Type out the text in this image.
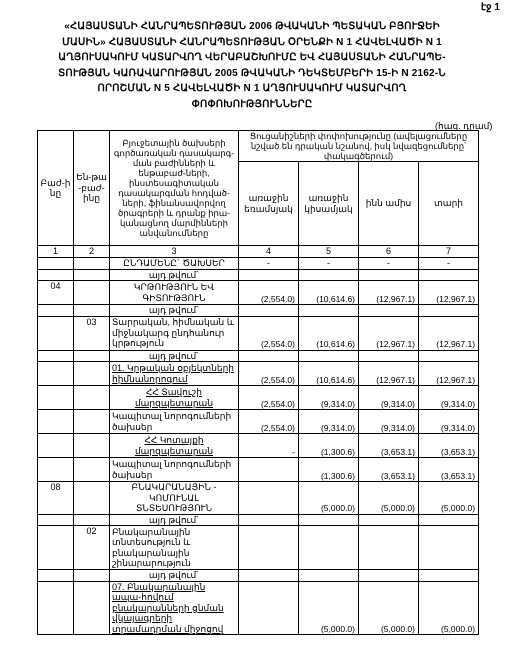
էջ 1
«ՀԱՅԱՍՏԱՆԻ ՀԱՆՐԱՊԵՏՈՒԹՅԱՆ 2006 ԹՎԱԿԱՆԻ ՊԵՏԱԿԱՆ ԲՅՈՒՋԵԻ
ՄԱՍԻՆ» ՀԱՅԱՍՏԱՆԻ ՀԱՆՐԱՊԵՏՈՒԹՅԱՆ ՕՐԵՆՔԻ N 1 ՀԱՎԵԼՎԱԾԻ N 1
ԱՂՅՈՒՍԱԿՈՒՄ ԿԱՏԱՐՎՈՂ ՎԵՐԱԲԱՇԽՈՒՄԸ ԵՎ ՀԱՅԱՍՏԱՆԻ ՀԱՆՐԱՊԵ-
ՏՈՒԹՅԱՆ ԿԱՌԱՎԱՐՈՒԹՅԱՆ 2005 ԹՎԱԿԱՆԻ ԴԵԿՏԵՄԲԵՐԻ 15-Ի N 2162-Ն
ՈՐՈՇՄԱՆ N 5 ՀԱՎԵԼՎԱԾԻ N 1 ԱՂՅՈՒՍԱԿՈՒՄ ԿԱՏԱՐՎՈՂ
ՓՈՓՈԽՈՒԹՅՈՒՆՆԵՐԸ
(հազ. դրամ)
Բաժ-ինը	Են-թա-բաժ-ինը	Բյուջետային ծախսերի գործառական դասակարգ-ման բաժինների և ենթաբաժ-ների, ինստեսագիտական դասակարգման հոդված-ների, ֆինանսավորվող ծրագրերի և դրանք իրա-կանացնող մարմինների անվանումները	Ցուցանիշների փոփոխությունը (ավելացումները նշված են դրական նշանով, իսկ նվազեցումները՝ փակագծերում)			
			առաջին եռամսյակ	առաջին կիսամյակ	ինն ամիս	տարի
1	2	3	4	5	6	7
		ԸՆԴԱՄԵՆԸ` ԾԱԽՍԵՐ	-	-	-	-
		այդ թվում`				
04		ԿՐԹՈՒԹՅՈՒՆ ԵՎ ԳԻՏՈՒԹՅՈՒՆ	(2,554.0)	(10,614.6)	(12,967.1)	(12,967.1)
		այդ թվում`				
	03	Տարրական, հիմնական և միջնակարգ ընդհանուր կրթություն	(2,554.0)	(10,614.6)	(12,967.1)	(12,967.1)
		այդ թվում`				
		01. Կրթական օբյեկտների հիմնանորոգում	(2,554.0)	(10,614.6)	(12,967.1)	(12,967.1)
		ՀՀ Տավուշի մարզպետարան	(2,554.0)	(9,314.0)	(9,314.0)	(9,314.0)
		Կապիտալ նորոգումների ծախսեր	(2,554.0)	(9,314.0)	(9,314.0)	(9,314.0)
		ՀՀ Կոտայքի մարզպետարան	-	(1,300.6)	(3,653.1)	(3,653.1)
		Կապիտալ նորոգումների ծախսեր		(1,300.6)	(3,653.1)	(3,653.1)
08		ԲՆԱԿԱՐԱՆԱՅԻՆ - ԿՈՄՈՒՆԱԼ ՏՆՏԵՍՈՒԹՅՈՒՆ		(5,000.0)	(5,000.0)	(5,000.0)
		այդ թվում`				
	02	Բնակարանային տնտեսություն և բնակարանային շինարարություն				
		այդ թվում`				
		07. Բնակարանային ապա-հովում բնակարանների ցնման վկայագրերի տրամադրման միջոցով		(5,000.0)	(5,000.0)	(5,000.0)
